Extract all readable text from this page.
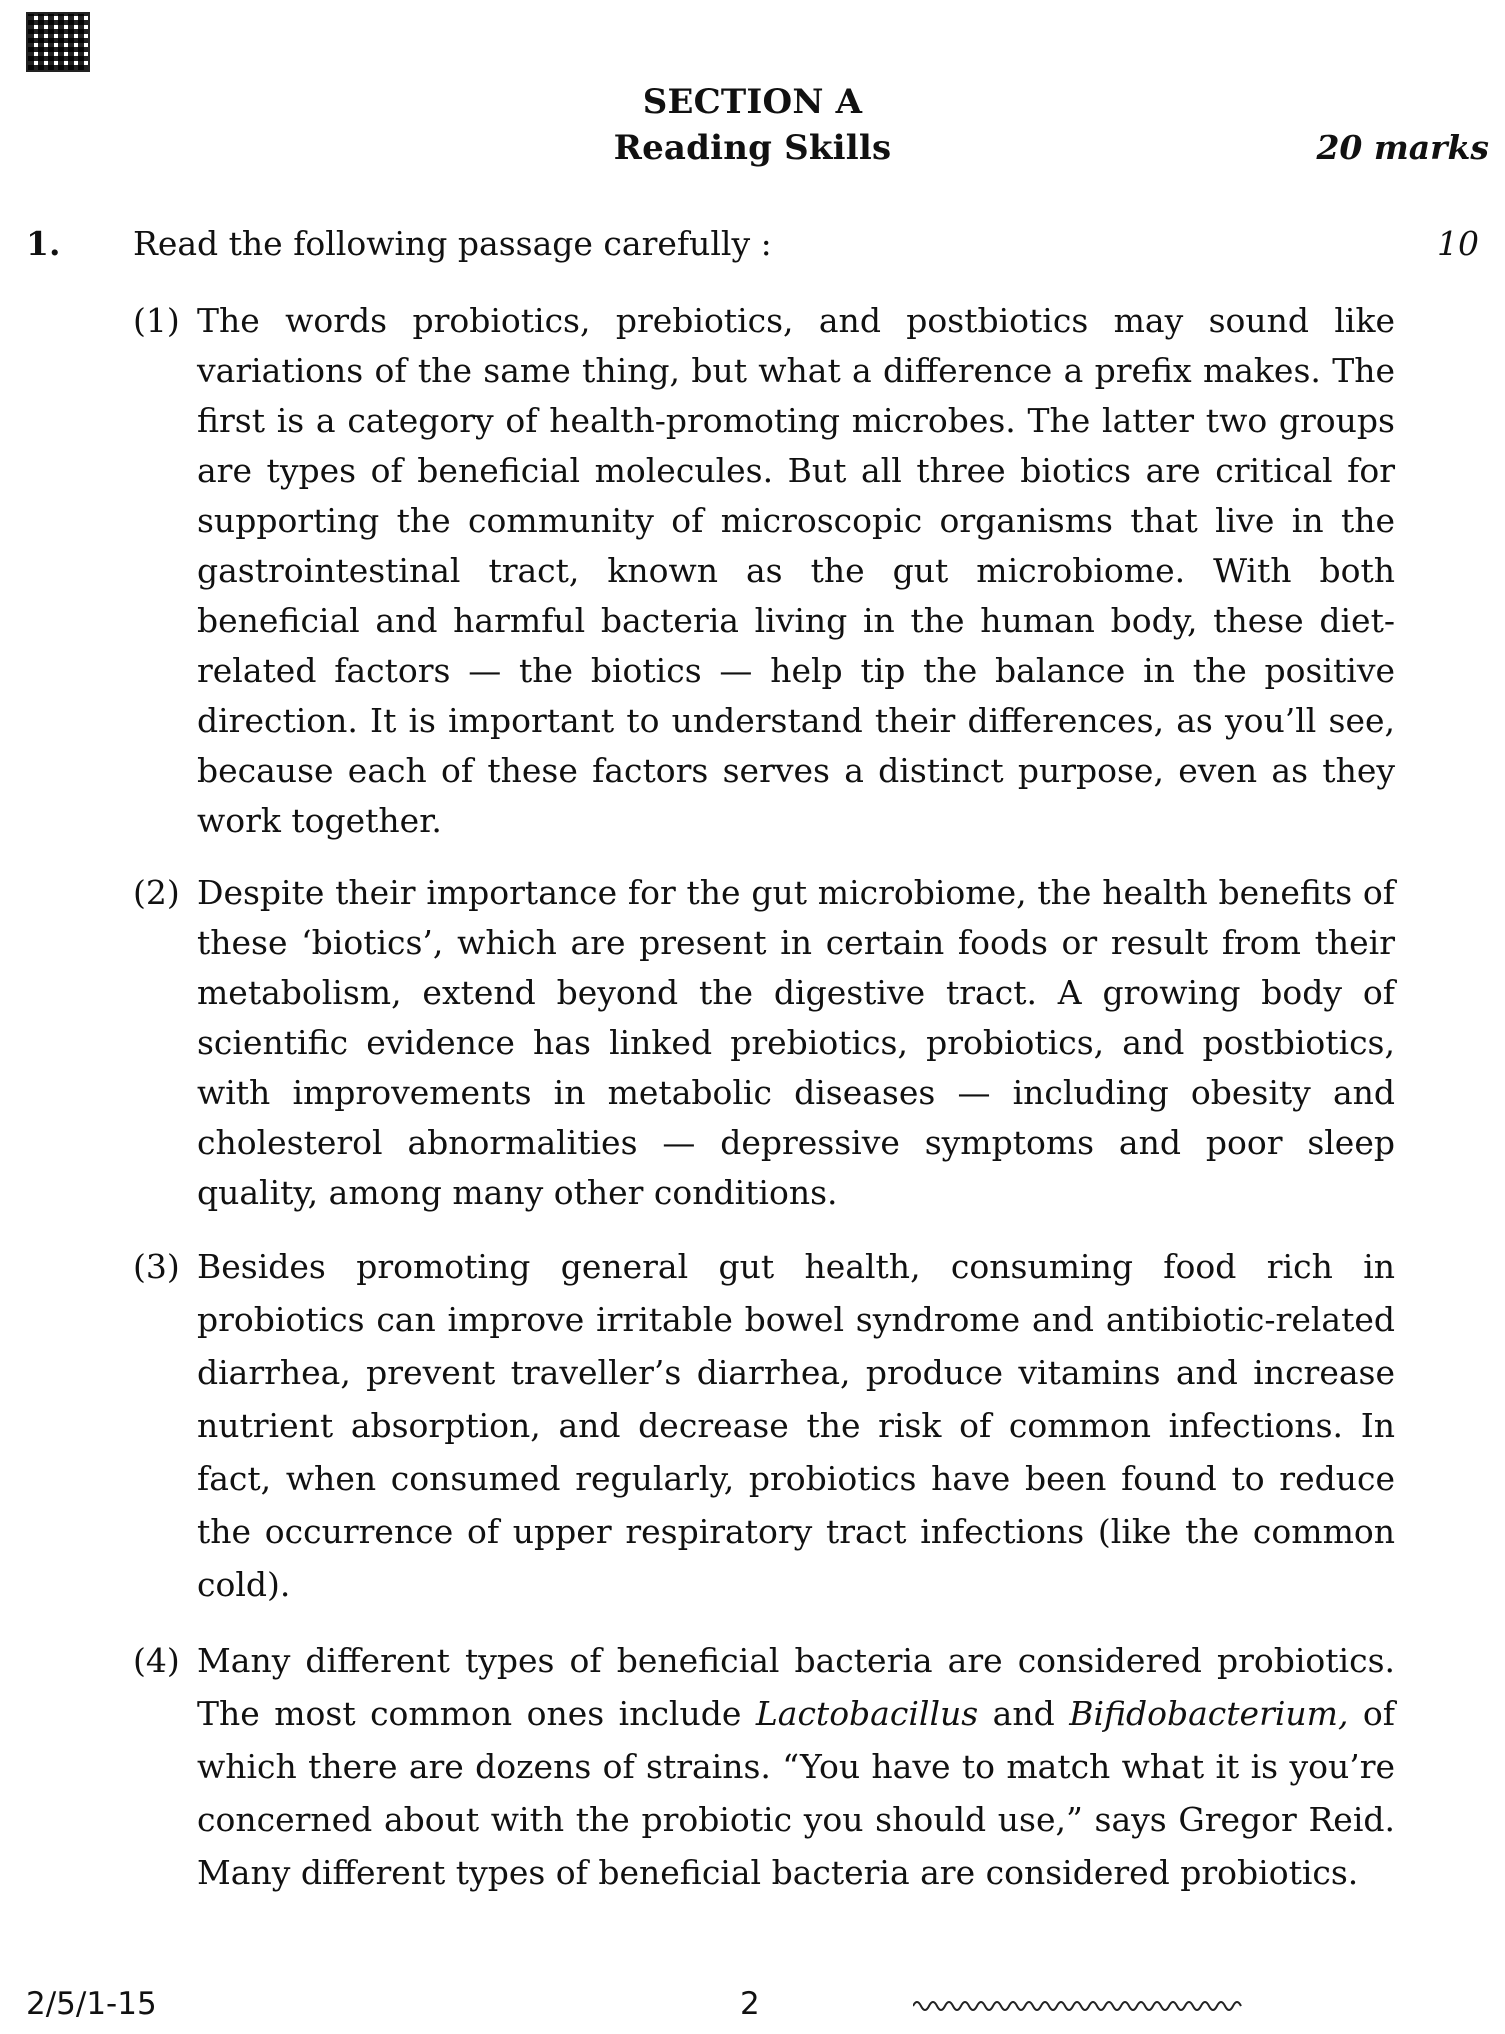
SECTION A
Reading Skills	20 marks
1. Read the following passage carefully :	10
(1) The words probiotics, prebiotics, and postbiotics may sound like variations of the same thing, but what a difference a prefix makes. The first is a category of health-promoting microbes. The latter two groups are types of beneficial molecules. But all three biotics are critical for supporting the community of microscopic organisms that live in the gastrointestinal tract, known as the gut microbiome. With both beneficial and harmful bacteria living in the human body, these diet-related factors — the biotics — help tip the balance in the positive direction. It is important to understand their differences, as you’ll see, because each of these factors serves a distinct purpose, even as they work together.

(2) Despite their importance for the gut microbiome, the health benefits of these ‘biotics’, which are present in certain foods or result from their metabolism, extend beyond the digestive tract. A growing body of scientific evidence has linked prebiotics, probiotics, and postbiotics, with improvements in metabolic diseases — including obesity and cholesterol abnormalities — depressive symptoms and poor sleep quality, among many other conditions.

(3) Besides promoting general gut health, consuming food rich in probiotics can improve irritable bowel syndrome and antibiotic-related diarrhea, prevent traveller’s diarrhea, produce vitamins and increase nutrient absorption, and decrease the risk of common infections. In fact, when consumed regularly, probiotics have been found to reduce the occurrence of upper respiratory tract infections (like the common cold).

(4) Many different types of beneficial bacteria are considered probiotics. The most common ones include Lactobacillus and Bifidobacterium, of which there are dozens of strains. “You have to match what it is you’re concerned about with the probiotic you should use,” says Gregor Reid. Many different types of beneficial bacteria are considered probiotics.

2/5/1-15	2
